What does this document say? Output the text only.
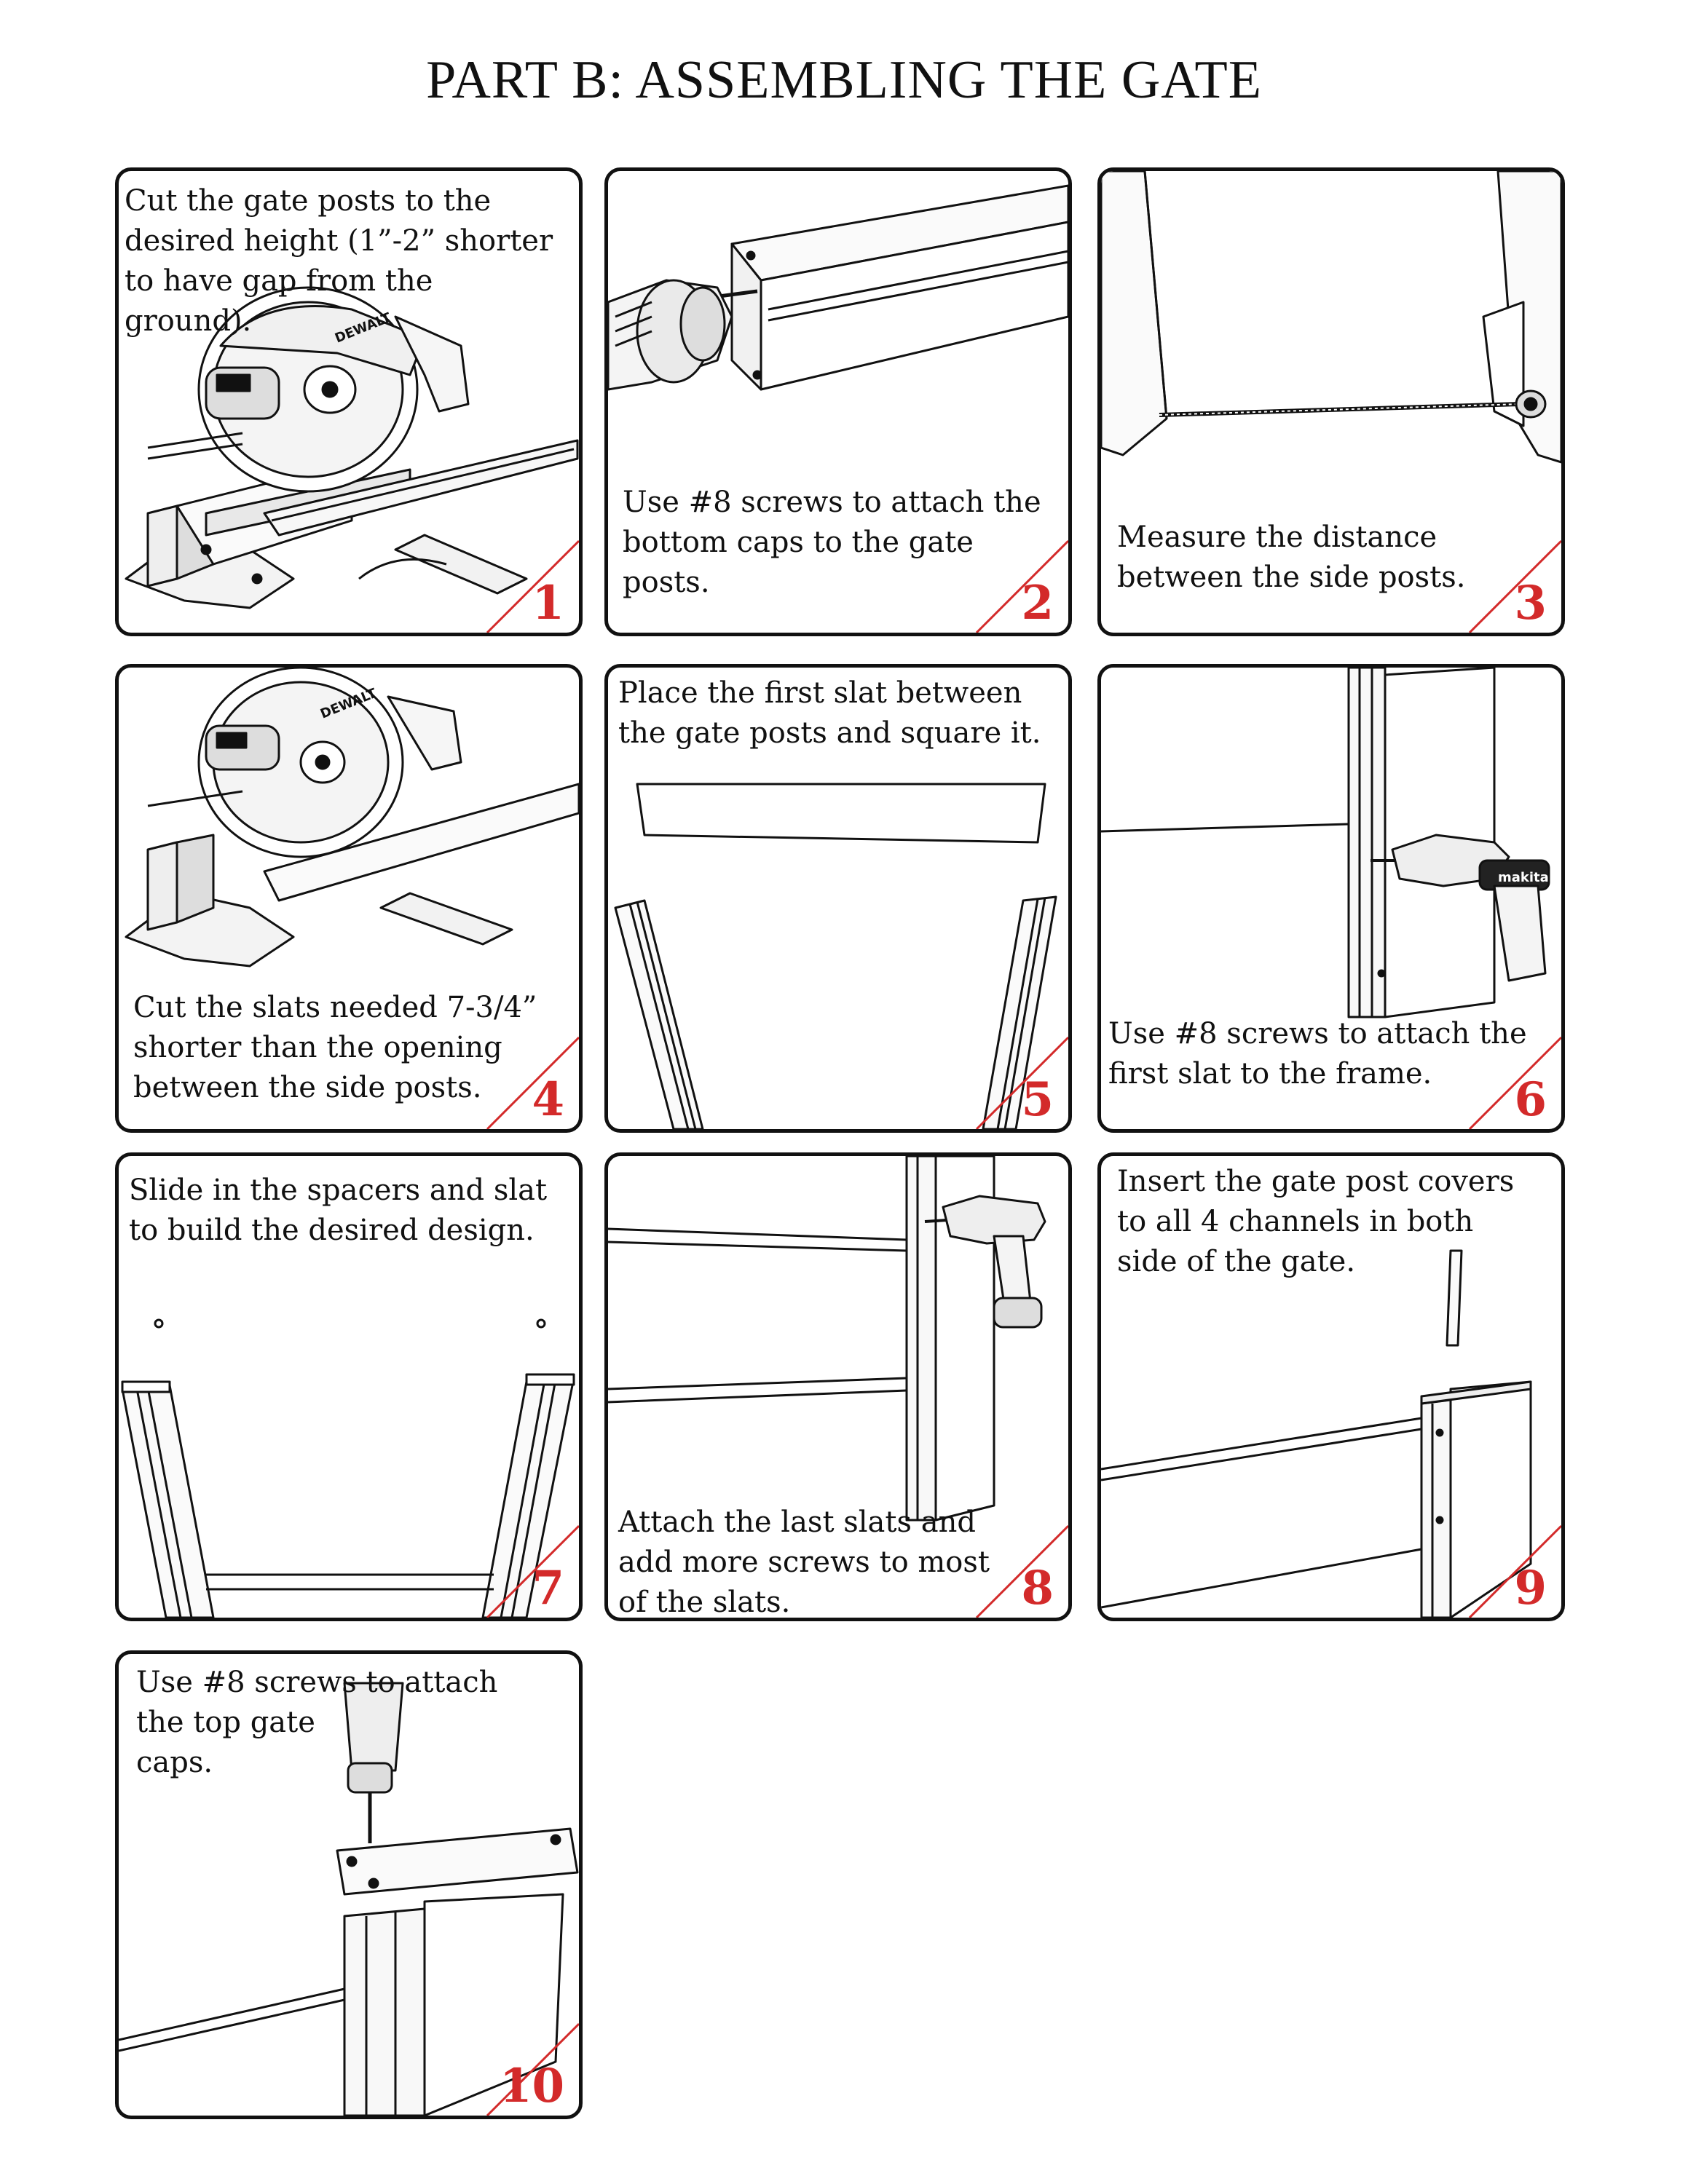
PART B: ASSEMBLING THE GATE
DEWALT
Cut the gate posts to the
desired height (1”-2” shorter
to have gap from the
ground).
1
Use #8 screws to attach the
bottom caps to the gate
posts.	2
Measure the distance
between the side posts. 3
DEWALT
Cut the slats needed 7-3/4”
shorter than the opening
between the side posts.	4
Place the first slat between
the gate posts and square it.
5
makita
Use #8 screws to attach the
first slat to the frame.	6
Slide in the spacers and slat
to build the desired design.
7
Attach the last slats and
add more screws to most
of the slats.	8
Insert the gate post covers
to all 4 channels in both
side of the gate.
9
Use #8 screws to attach
the top gate
caps.
10
